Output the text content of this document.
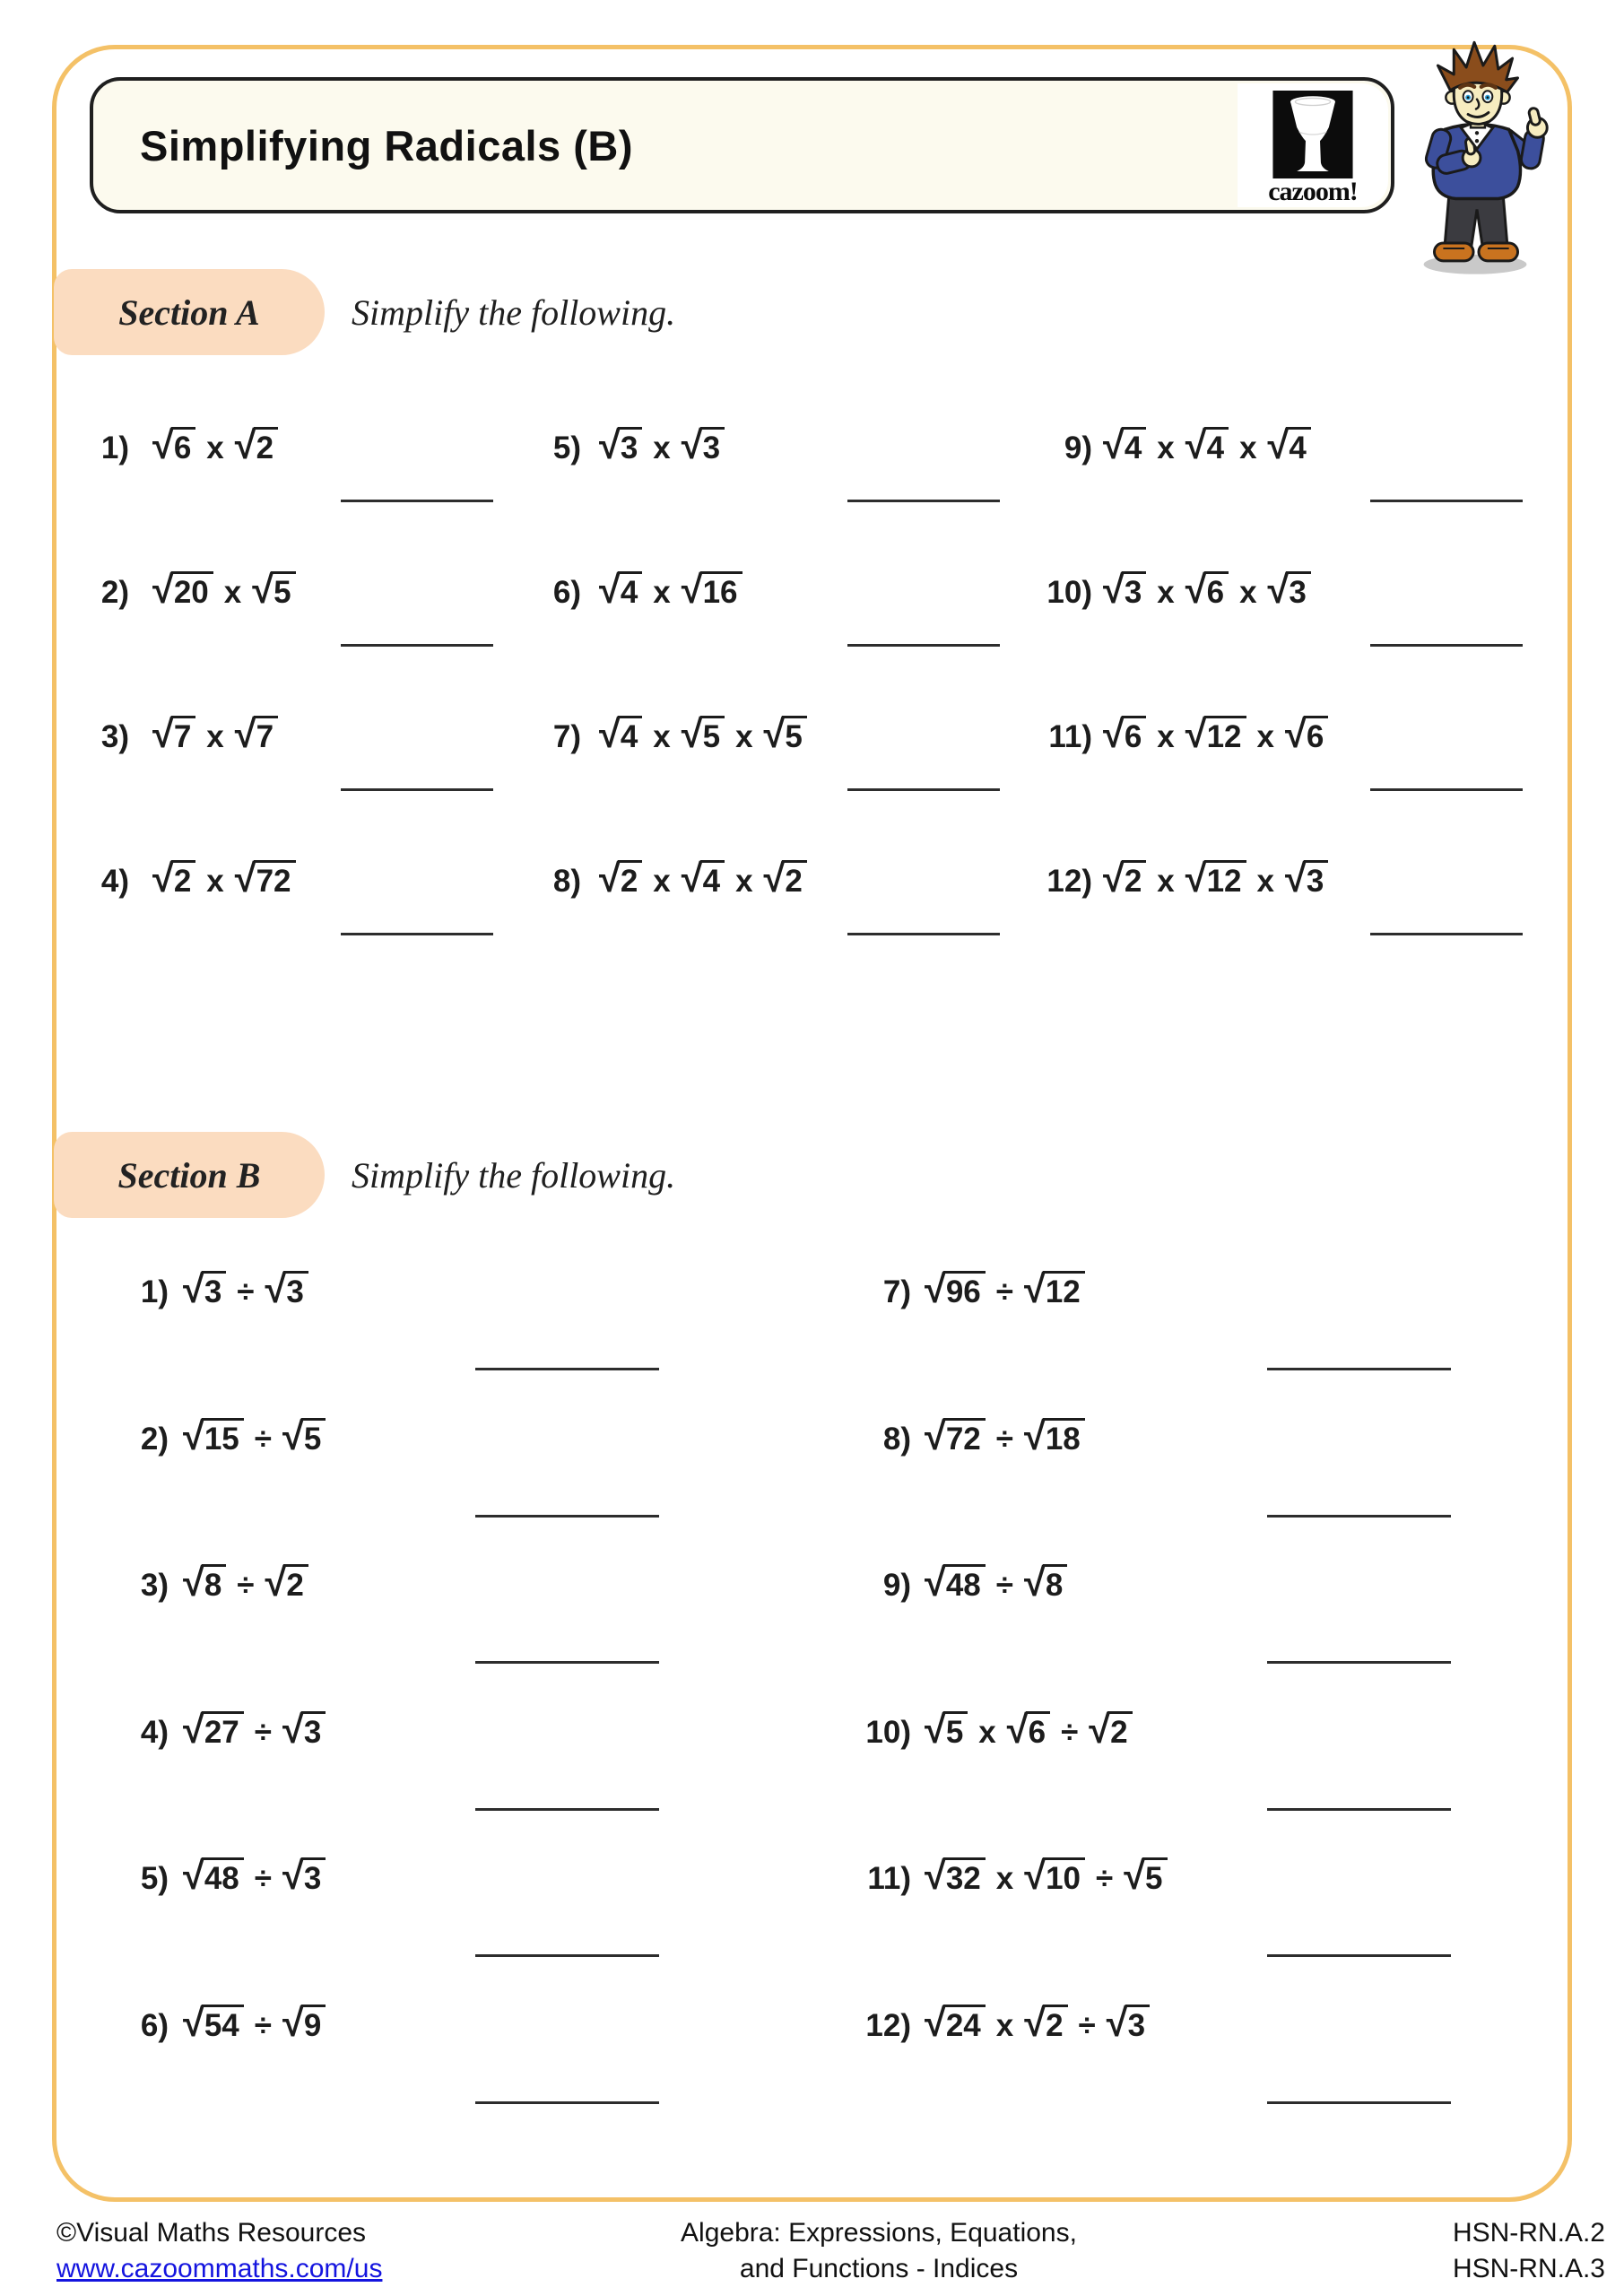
Simplifying Radicals (B)
cazoom!
Section A	Simplify the following.
1) √6 x √2
2) √20 x √5
3) √7 x √7
4) √2 x √72
5) √3 x √3
6) √4 x √16
7) √4 x √5 x √5
8) √2 x √4 x √2
9) √4 x √4 x √4
10) √3 x √6 x √3
11) √6 x √12 x √6
12) √2 x √12 x √3
Section B	Simplify the following.
1) √3 ÷ √3
2) √15 ÷ √5
3) √8 ÷ √2
4) √27 ÷ √3
5) √48 ÷ √3
6) √54 ÷ √9
7) √96 ÷ √12
8) √72 ÷ √18
9) √48 ÷ √8
10) √5 x √6 ÷ √2
11) √32 x √10 ÷ √5
12) √24 x √2 ÷ √3
©Visual Maths Resources
www.cazoommaths.com/us
Algebra: Expressions, Equations,
and Functions - Indices
HSN-RN.A.2
HSN-RN.A.3
